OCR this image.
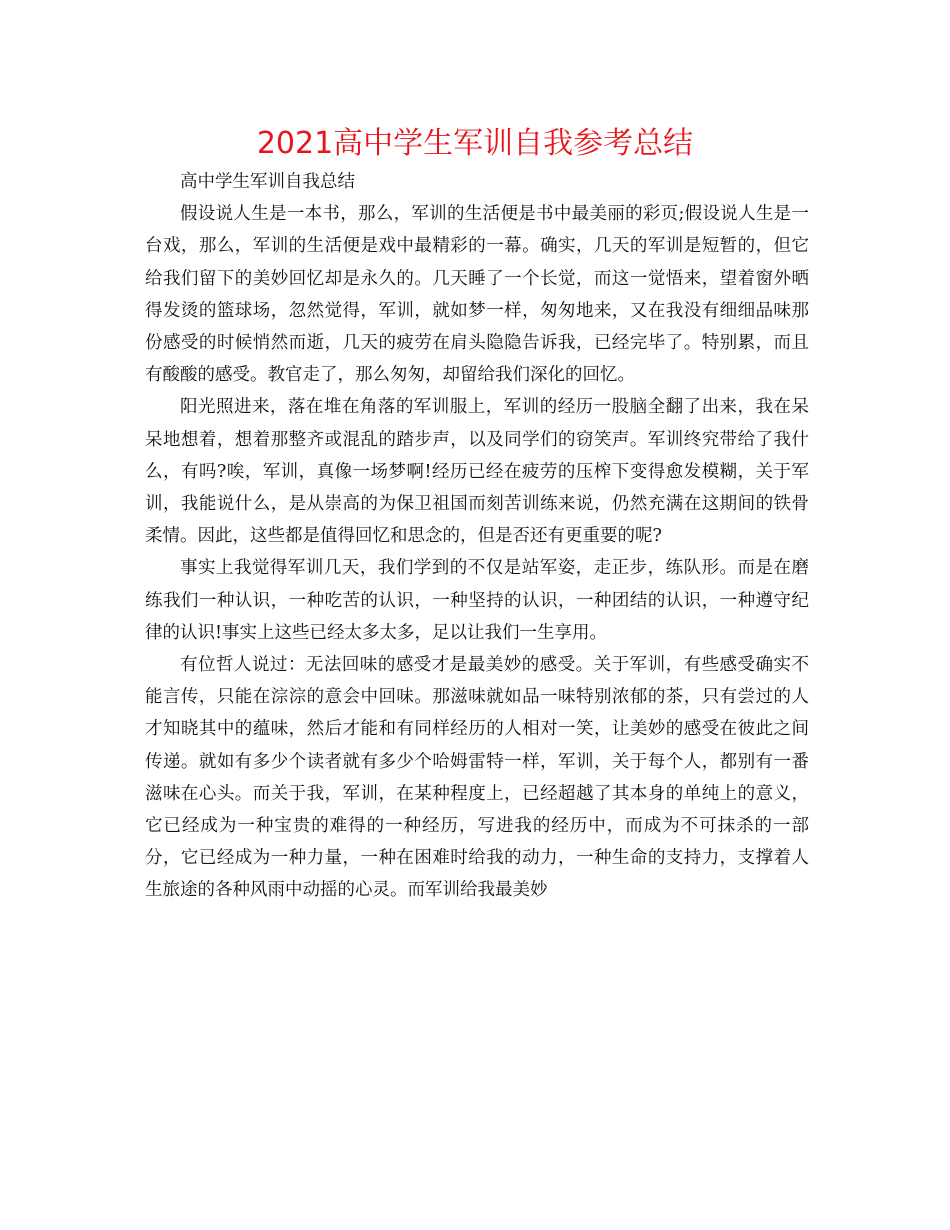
2021高中学生军训自我参考总结

高中学生军训自我总结

假设说人生是一本书，那么，军训的生活便是书中最美丽的彩页;假设说人生是一台戏，那么，军训的生活便是戏中最精彩的一幕。确实，几天的军训是短暂的，但它给我们留下的美妙回忆却是永久的。几天睡了一个长觉，而这一觉悟来，望着窗外晒得发烫的篮球场，忽然觉得，军训，就如梦一样，匆匆地来，又在我没有细细品味那份感受的时候悄然而逝，几天的疲劳在肩头隐隐告诉我，已经完毕了。特别累，而且有酸酸的感受。教官走了，那么匆匆，却留给我们深化的回忆。

阳光照进来，落在堆在角落的军训服上，军训的经历一股脑全翻了出来，我在呆呆地想着，想着那整齐或混乱的踏步声，以及同学们的窃笑声。军训终究带给了我什么，有吗?唉，军训，真像一场梦啊!经历已经在疲劳的压榨下变得愈发模糊，关于军训，我能说什么，是从崇高的为保卫祖国而刻苦训练来说，仍然充满在这期间的铁骨柔情。因此，这些都是值得回忆和思念的，但是否还有更重要的呢?

事实上我觉得军训几天，我们学到的不仅是站军姿，走正步，练队形。而是在磨练我们一种认识，一种吃苦的认识，一种坚持的认识，一种团结的认识，一种遵守纪律的认识!事实上这些已经太多太多，足以让我们一生享用。

有位哲人说过：无法回味的感受才是最美妙的感受。关于军训，有些感受确实不能言传，只能在淙淙的意会中回味。那滋味就如品一味特别浓郁的茶，只有尝过的人才知晓其中的蕴味，然后才能和有同样经历的人相对一笑，让美妙的感受在彼此之间传递。就如有多少个读者就有多少个哈姆雷特一样，军训，关于每个人，都别有一番滋味在心头。而关于我，军训，在某种程度上，已经超越了其本身的单纯上的意义，它已经成为一种宝贵的难得的一种经历，写进我的经历中，而成为不可抹杀的一部分，它已经成为一种力量，一种在困难时给我的动力，一种生命的支持力，支撑着人生旅途的各种风雨中动摇的心灵。而军训给我最美妙
